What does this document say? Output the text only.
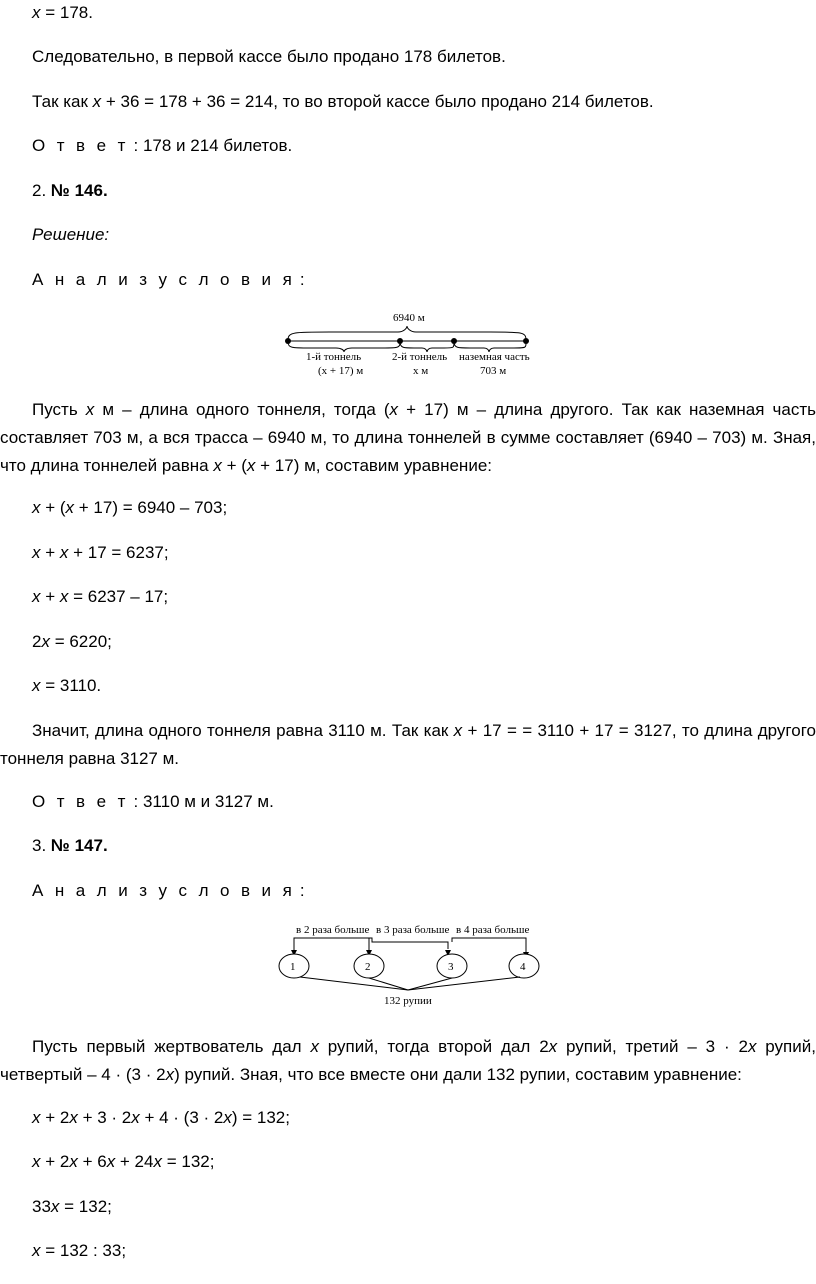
x = 178.
Следовательно, в первой кассе было продано 178 билетов.
Так как x + 36 = 178 + 36 = 214, то во второй кассе было продано 214 билетов.
О т в е т : 178 и 214 билетов.
2. № 146.
Решение:
А н а л и з у с л о в и я :
6940 м
1-й тоннель
(x + 17) м
2-й тоннель
x м
наземная часть
703 м
Пусть x м – длина одного тоннеля, тогда (x + 17) м – длина другого. Так как наземная часть составляет 703 м, а вся трасса – 6940 м, то длина тоннелей в сумме составляет (6940 – 703) м. Зная, что длина тоннелей равна x + (x + 17) м, составим уравнение:
x + (x + 17) = 6940 – 703;
x + x + 17 = 6237;
x + x = 6237 – 17;
2x = 6220;
x = 3110.
Значит, длина одного тоннеля равна 3110 м. Так как x + 17 = = 3110 + 17 = 3127, то длина другого тоннеля равна 3127 м.
О т в е т : 3110 м и 3127 м.
3. № 147.
А н а л и з у с л о в и я :
в 2 раза больше в 3 раза больше в 4 раза больше
1	2	3	4
132 рупии
Пусть первый жертвователь дал x рупий, тогда второй дал 2x рупий, третий – 3 · 2x рупий, четвертый – 4 · (3 · 2x) рупий. Зная, что все вместе они дали 132 рупии, составим уравнение:
x + 2x + 3 · 2x + 4 · (3 · 2x) = 132;
x + 2x + 6x + 24x = 132;
33x = 132;
x = 132 : 33;
